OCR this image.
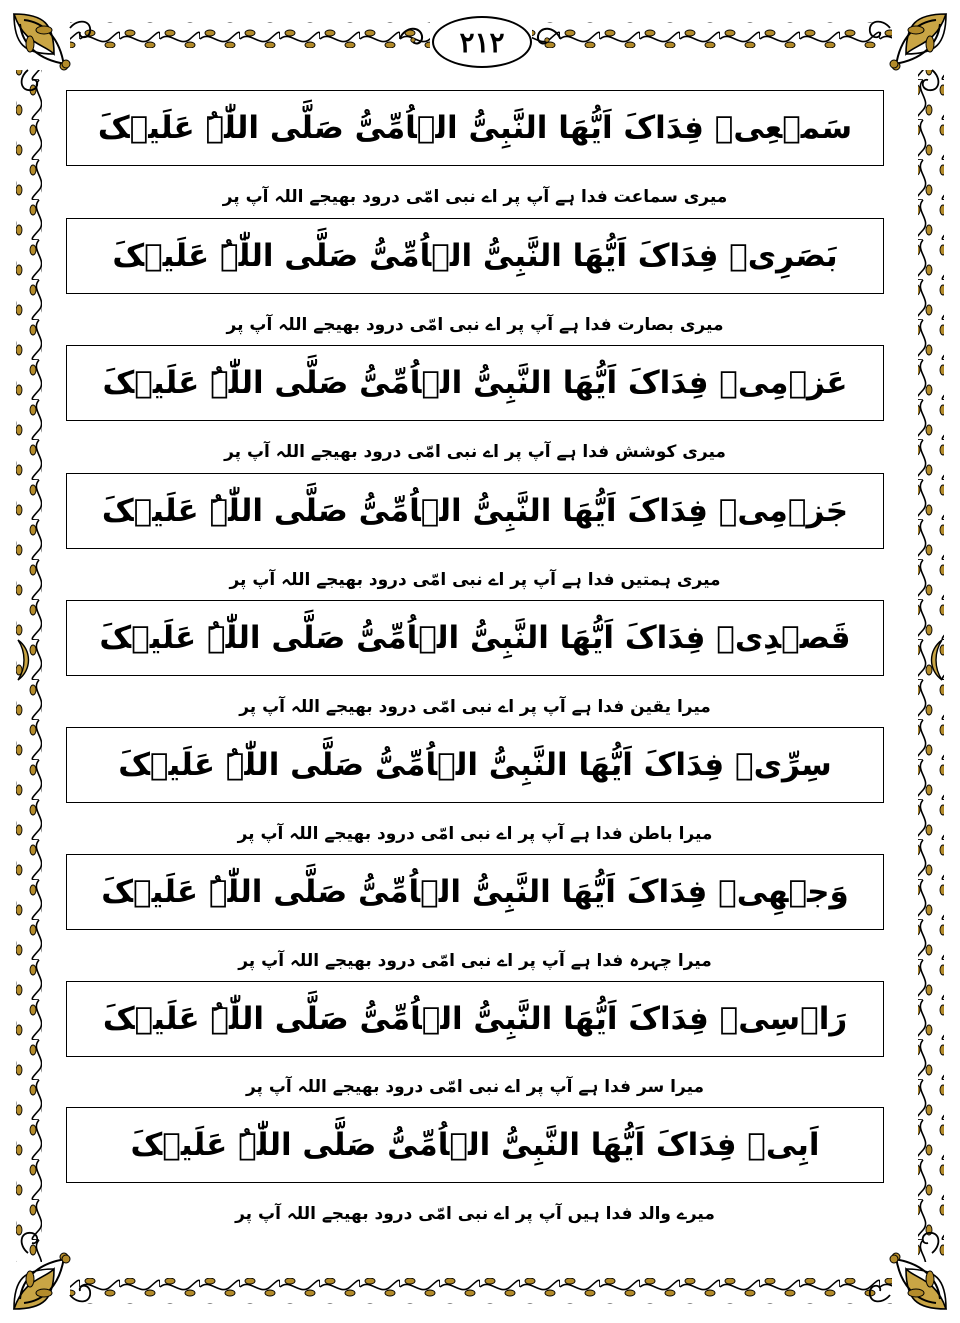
۲۱۲
سَمۡعِیۡ فِدَاکَ اَیُّھَا النَّبِیُّ الۡاُمِّیُّ صَلَّی اللّٰہُ عَلَیۡکَ
میری سماعت فدا ہے آپ پر اے نبی امّی درود بھیجے اللہ آپ پر
بَصَرِیۡ فِدَاکَ اَیُّھَا النَّبِیُّ الۡاُمِّیُّ صَلَّی اللّٰہُ عَلَیۡکَ
میری بصارت فدا ہے آپ پر اے نبی امّی درود بھیجے اللہ آپ پر
عَزۡمِیۡ فِدَاکَ اَیُّھَا النَّبِیُّ الۡاُمِّیُّ صَلَّی اللّٰہُ عَلَیۡکَ
میری کوشش فدا ہے آپ پر اے نبی امّی درود بھیجے اللہ آپ پر
جَزۡمِیۡ فِدَاکَ اَیُّھَا النَّبِیُّ الۡاُمِّیُّ صَلَّی اللّٰہُ عَلَیۡکَ
میری ہمتیں فدا ہے آپ پر اے نبی امّی درود بھیجے اللہ آپ پر
قَصۡدِیۡ فِدَاکَ اَیُّھَا النَّبِیُّ الۡاُمِّیُّ صَلَّی اللّٰہُ عَلَیۡکَ
میرا یقین فدا ہے آپ پر اے نبی امّی درود بھیجے اللہ آپ پر
سِرِّیۡ فِدَاکَ اَیُّھَا النَّبِیُّ الۡاُمِّیُّ صَلَّی اللّٰہُ عَلَیۡکَ
میرا باطن فدا ہے آپ پر اے نبی امّی درود بھیجے اللہ آپ پر
وَجۡھِیۡ فِدَاکَ اَیُّھَا النَّبِیُّ الۡاُمِّیُّ صَلَّی اللّٰہُ عَلَیۡکَ
میرا چہرہ فدا ہے آپ پر اے نبی امّی درود بھیجے اللہ آپ پر
رَاۡسِیۡ فِدَاکَ اَیُّھَا النَّبِیُّ الۡاُمِّیُّ صَلَّی اللّٰہُ عَلَیۡکَ
میرا سر فدا ہے آپ پر اے نبی امّی درود بھیجے اللہ آپ پر
اَبِیۡ فِدَاکَ اَیُّھَا النَّبِیُّ الۡاُمِّیُّ صَلَّی اللّٰہُ عَلَیۡکَ
میرے والد فدا ہیں آپ پر اے نبی امّی درود بھیجے اللہ آپ پر
